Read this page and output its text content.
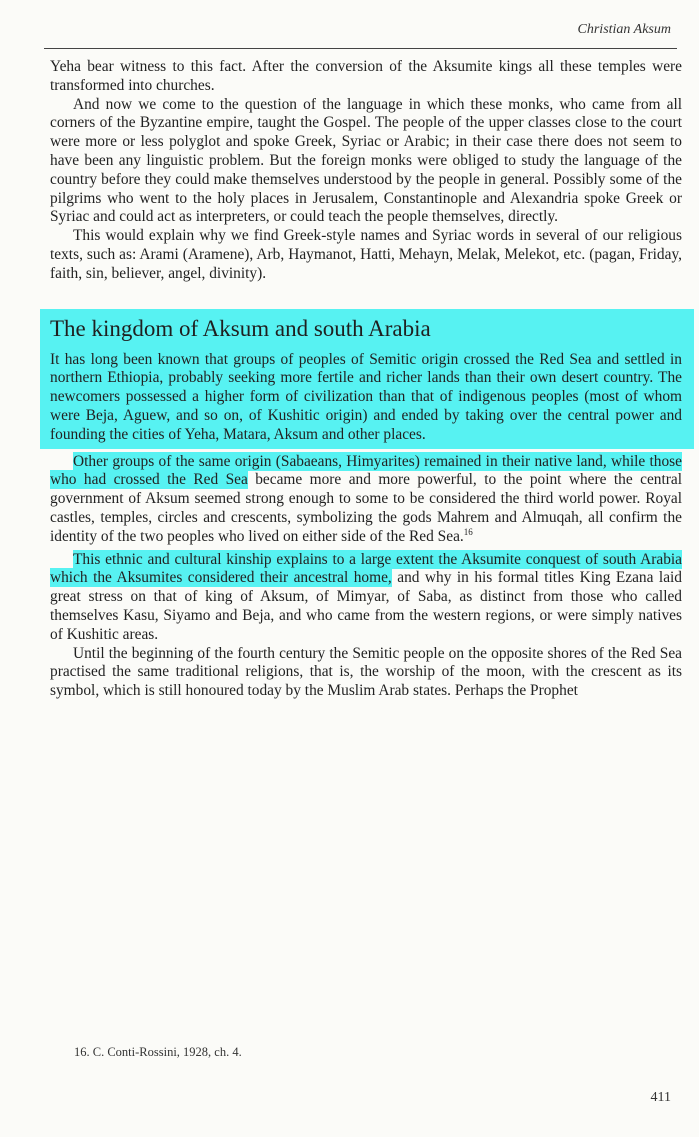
Christian Aksum

Yeha bear witness to this fact. After the conversion of the Aksumite kings all these temples were transformed into churches.

And now we come to the question of the language in which these monks, who came from all corners of the Byzantine empire, taught the Gospel. The people of the upper classes close to the court were more or less polyglot and spoke Greek, Syriac or Arabic; in their case there does not seem to have been any linguistic problem. But the foreign monks were obliged to study the language of the country before they could make themselves understood by the people in general. Possibly some of the pilgrims who went to the holy places in Jerusalem, Constantinople and Alexandria spoke Greek or Syriac and could act as interpreters, or could teach the people themselves, directly.

This would explain why we find Greek-style names and Syriac words in several of our religious texts, such as: Arami (Aramene), Arb, Haymanot, Hatti, Mehayn, Melak, Melekot, etc. (pagan, Friday, faith, sin, believer, angel, divinity).

The kingdom of Aksum and south Arabia

It has long been known that groups of peoples of Semitic origin crossed the Red Sea and settled in northern Ethiopia, probably seeking more fertile and richer lands than their own desert country. The newcomers possessed a higher form of civilization than that of indigenous peoples (most of whom were Beja, Aguew, and so on, of Kushitic origin) and ended by taking over the central power and founding the cities of Yeha, Matara, Aksum and other places.

Other groups of the same origin (Sabaeans, Himyarites) remained in their native land, while those who had crossed the Red Sea became more and more powerful, to the point where the central government of Aksum seemed strong enough to some to be considered the third world power. Royal castles, temples, circles and crescents, symbolizing the gods Mahrem and Almuqah, all confirm the identity of the two peoples who lived on either side of the Red Sea.$^{16}$

This ethnic and cultural kinship explains to a large extent the Aksumite conquest of south Arabia which the Aksumites considered their ancestral home, and why in his formal titles King Ezana laid great stress on that of king of Aksum, of Mimyar, of Saba, as distinct from those who called themselves Kasu, Siyamo and Beja, and who came from the western regions, or were simply natives of Kushitic areas.

Until the beginning of the fourth century the Semitic people on the opposite shores of the Red Sea practised the same traditional religions, that is, the worship of the moon, with the crescent as its symbol, which is still honoured today by the Muslim Arab states. Perhaps the Prophet

16. C. Conti-Rossini, 1928, ch. 4.
411
